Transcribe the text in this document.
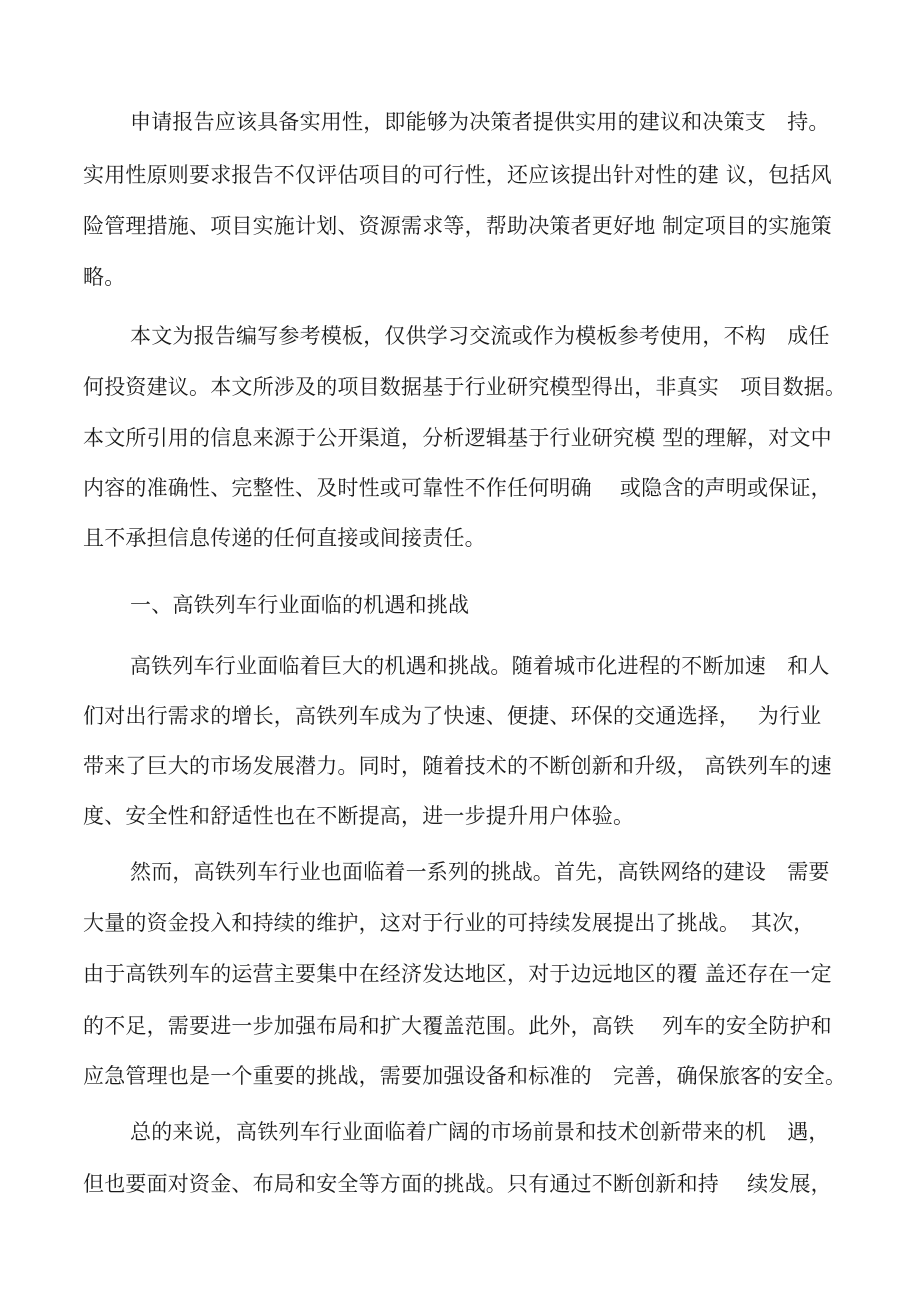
申请报告应该具备实用性，即能够为决策者提供实用的建议和决策支　持。
实用性原则要求报告不仅评估项目的可行性，还应该提出针对性的建 议，包括风
险管理措施、项目实施计划、资源需求等，帮助决策者更好地 制定项目的实施策
略。
本文为报告编写参考模板，仅供学习交流或作为模板参考使用，不构　成任
何投资建议。本文所涉及的项目数据基于行业研究模型得出，非真实　项目数据。
本文所引用的信息来源于公开渠道，分析逻辑基于行业研究模 型的理解，对文中
内容的准确性、完整性、及时性或可靠性不作任何明确　 或隐含的声明或保证，
且不承担信息传递的任何直接或间接责任。
一、高铁列车行业面临的机遇和挑战
高铁列车行业面临着巨大的机遇和挑战。随着城市化进程的不断加速　和人
们对出行需求的增长，高铁列车成为了快速、便捷、环保的交通选择，　 为行业
带来了巨大的市场发展潜力。同时，随着技术的不断创新和升级， 高铁列车的速
度、安全性和舒适性也在不断提高，进一步提升用户体验。
然而，高铁列车行业也面临着一系列的挑战。首先，高铁网络的建设　需要
大量的资金投入和持续的维护，这对于行业的可持续发展提出了挑战。　其次，
由于高铁列车的运营主要集中在经济发达地区，对于边远地区的覆 盖还存在一定
的不足，需要进一步加强布局和扩大覆盖范围。此外，高铁　 列车的安全防护和
应急管理也是一个重要的挑战，需要加强设备和标准的　完善，确保旅客的安全。
总的来说，高铁列车行业面临着广阔的市场前景和技术创新带来的机　遇，
但也要面对资金、布局和安全等方面的挑战。只有通过不断创新和持　 续发展，
